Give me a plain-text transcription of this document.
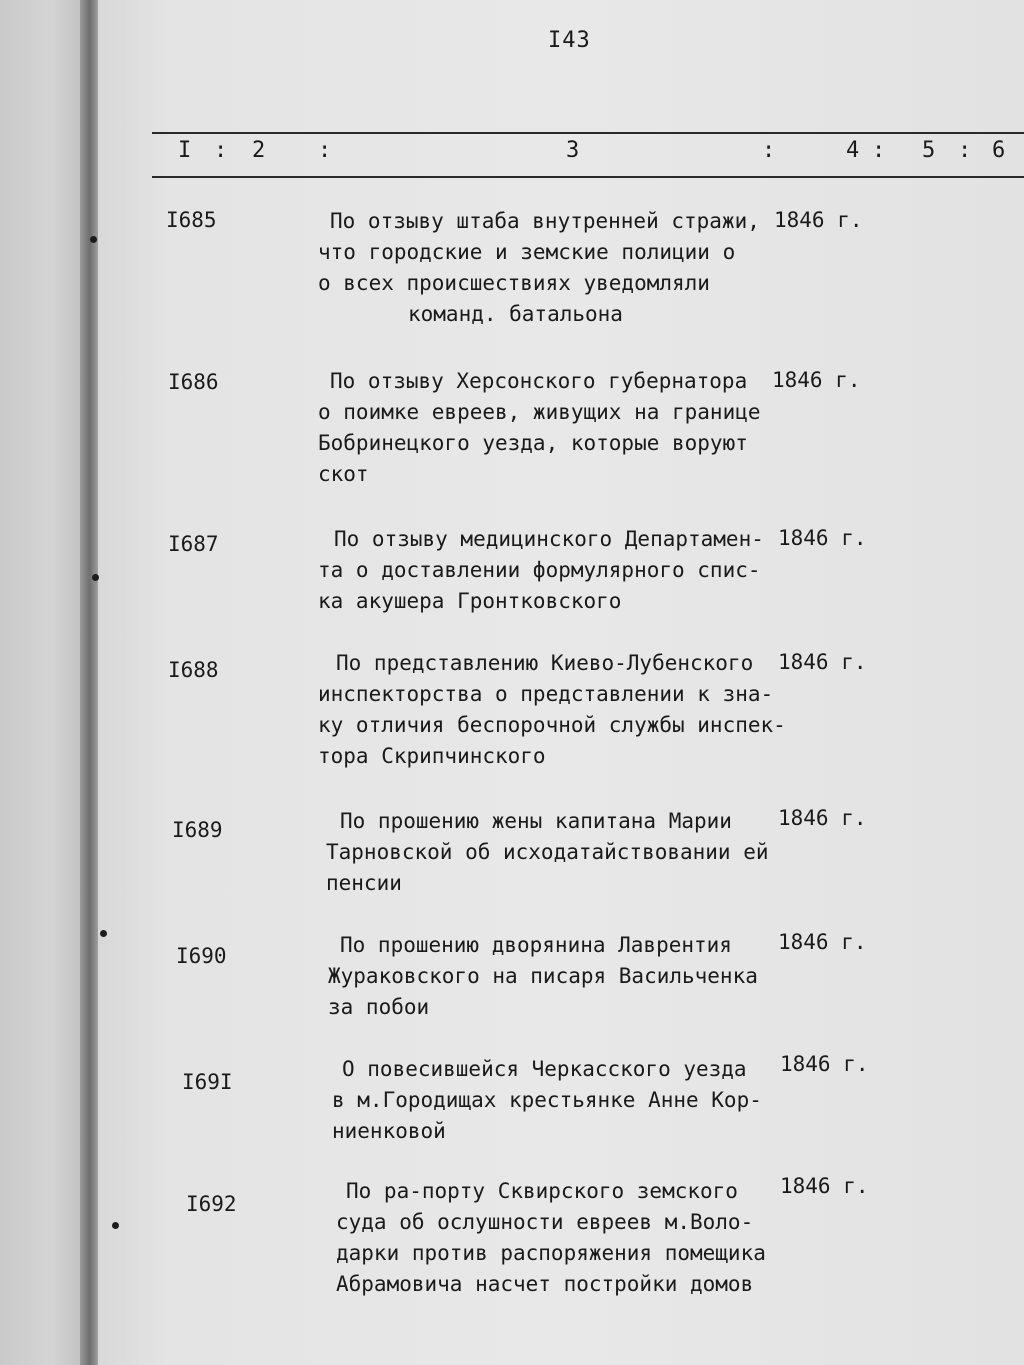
I43
I : 2 :	3	:	4 : 5 : 6
I685	По отзыву штаба внутренней стражи,
что городские и земские полиции о
о всех происшествиях уведомляли
команд. батальона
1846 г.
I686	По отзыву Херсонского губернатора
о поимке евреев, живущих на границе
Бобринецкого уезда, которые воруют
скот
1846 г.
I687	По отзыву медицинского Департамен-
та о доставлении формулярного спис-
ка акушера Гронтковского
1846 г.
I688	По представлению Киево-Лубенского
инспекторства о представлении к зна-
ку отличия беспорочной службы инспек-
тора Скрипчинского
1846 г.
I689	По прошению жены капитана Марии
Тарновской об исходатайствовании ей
пенсии
1846 г.
I690	По прошению дворянина Лаврентия
Жураковского на писаря Васильченка
за побои
1846 г.
I69I
О повесившейся Черкасского уезда
в м.Городищах крестьянке Анне Кор-
ниенковой
1846 г.
I692
По ра-порту Сквирского земского
суда об ослушности евреев м.Воло-
дарки против распоряжения помещика
Абрамовича насчет постройки домов
1846 г.
